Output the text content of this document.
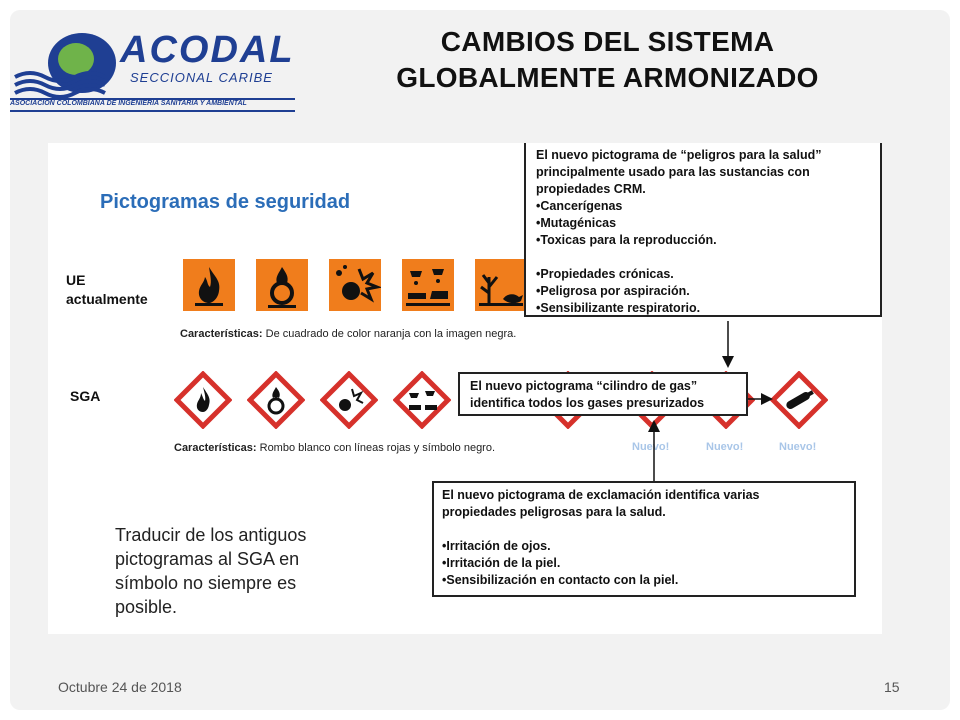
ACODAL
SECCIONAL CARIBE
ASOCIACION COLOMBIANA DE INGENIERIA SANITARIA Y AMBIENTAL
CAMBIOS DEL SISTEMA
GLOBALMENTE ARMONIZADO
Pictogramas de seguridad
UE
actualmente
Características: De cuadrado de color naranja con la imagen negra.
SGA
Nuevo!	Nuevo!	Nuevo!
Características: Rombo blanco con líneas rojas y símbolo negro.
El nuevo pictograma de “peligros para la salud”
principalmente usado para las sustancias con
propiedades CRM.
•Cancerígenas
•Mutagénicas
•Toxicas para la reproducción.
•Propiedades crónicas.
•Peligrosa por aspiración.
•Sensibilizante respiratorio.
El nuevo pictograma “cilindro de gas”
identifica todos los gases presurizados
El nuevo pictograma de exclamación identifica varias
propiedades peligrosas para la salud.
•Irritación de ojos.
•Irritación de la piel.
•Sensibilización en contacto con la piel.
Traducir de los antiguos
pictogramas al SGA en
símbolo no siempre es
posible.
Octubre 24 de 2018	15
